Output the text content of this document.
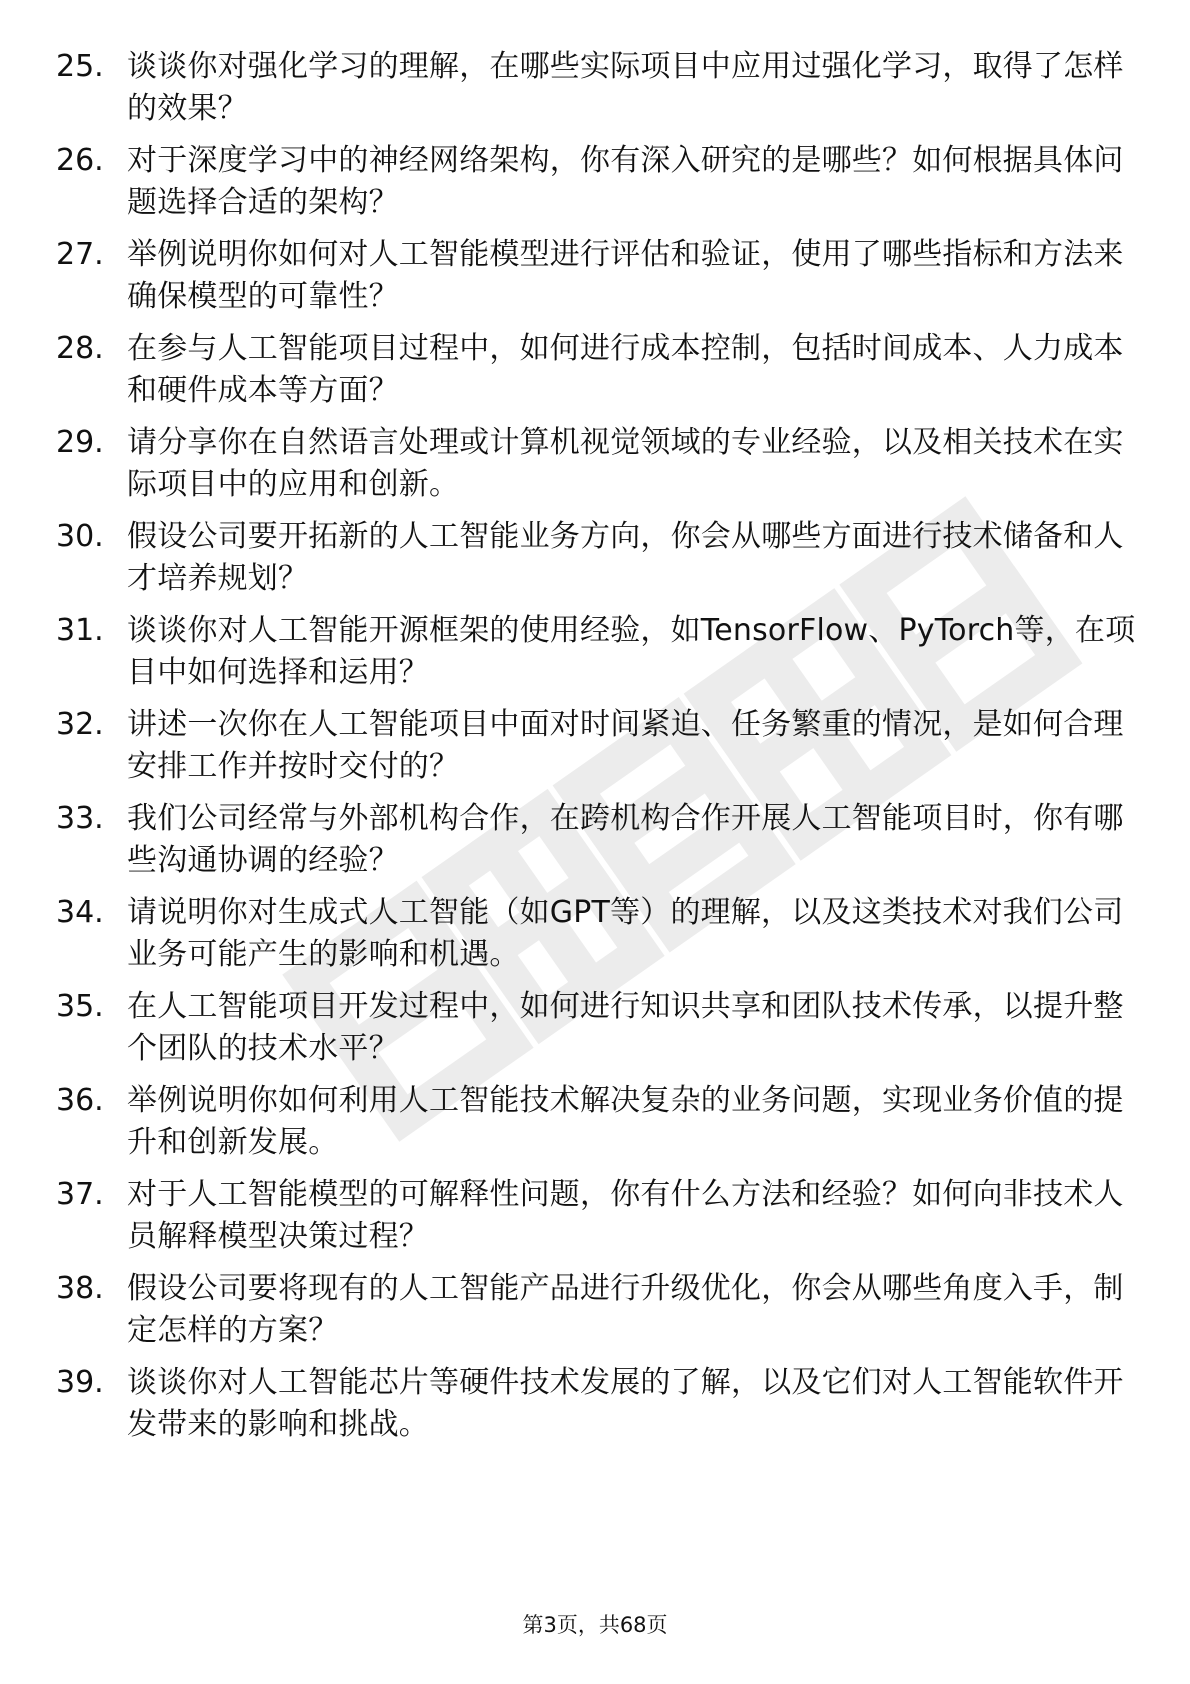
25. 谈谈你对强化学习的理解，在哪些实际项目中应用过强化学习，取得了怎样的效果？
26. 对于深度学习中的神经网络架构，你有深入研究的是哪些？如何根据具体问题选择合适的架构？
27. 举例说明你如何对人工智能模型进行评估和验证，使用了哪些指标和方法来确保模型的可靠性？
28. 在参与人工智能项目过程中，如何进行成本控制，包括时间成本、人力成本和硬件成本等方面？
29. 请分享你在自然语言处理或计算机视觉领域的专业经验，以及相关技术在实际项目中的应用和创新。
30. 假设公司要开拓新的人工智能业务方向，你会从哪些方面进行技术储备和人才培养规划？
31. 谈谈你对人工智能开源框架的使用经验，如TensorFlow、PyTorch等，在项目中如何选择和运用？
32. 讲述一次你在人工智能项目中面对时间紧迫、任务繁重的情况，是如何合理安排工作并按时交付的？
33. 我们公司经常与外部机构合作，在跨机构合作开展人工智能项目时，你有哪些沟通协调的经验？
34. 请说明你对生成式人工智能（如GPT等）的理解，以及这类技术对我们公司业务可能产生的影响和机遇。
35. 在人工智能项目开发过程中，如何进行知识共享和团队技术传承，以提升整个团队的技术水平？
36. 举例说明你如何利用人工智能技术解决复杂的业务问题，实现业务价值的提升和创新发展。
37. 对于人工智能模型的可解释性问题，你有什么方法和经验？如何向非技术人员解释模型决策过程？
38. 假设公司要将现有的人工智能产品进行升级优化，你会从哪些角度入手，制定怎样的方案？
39. 谈谈你对人工智能芯片等硬件技术发展的了解，以及它们对人工智能软件开发带来的影响和挑战。
第3页，共68页
